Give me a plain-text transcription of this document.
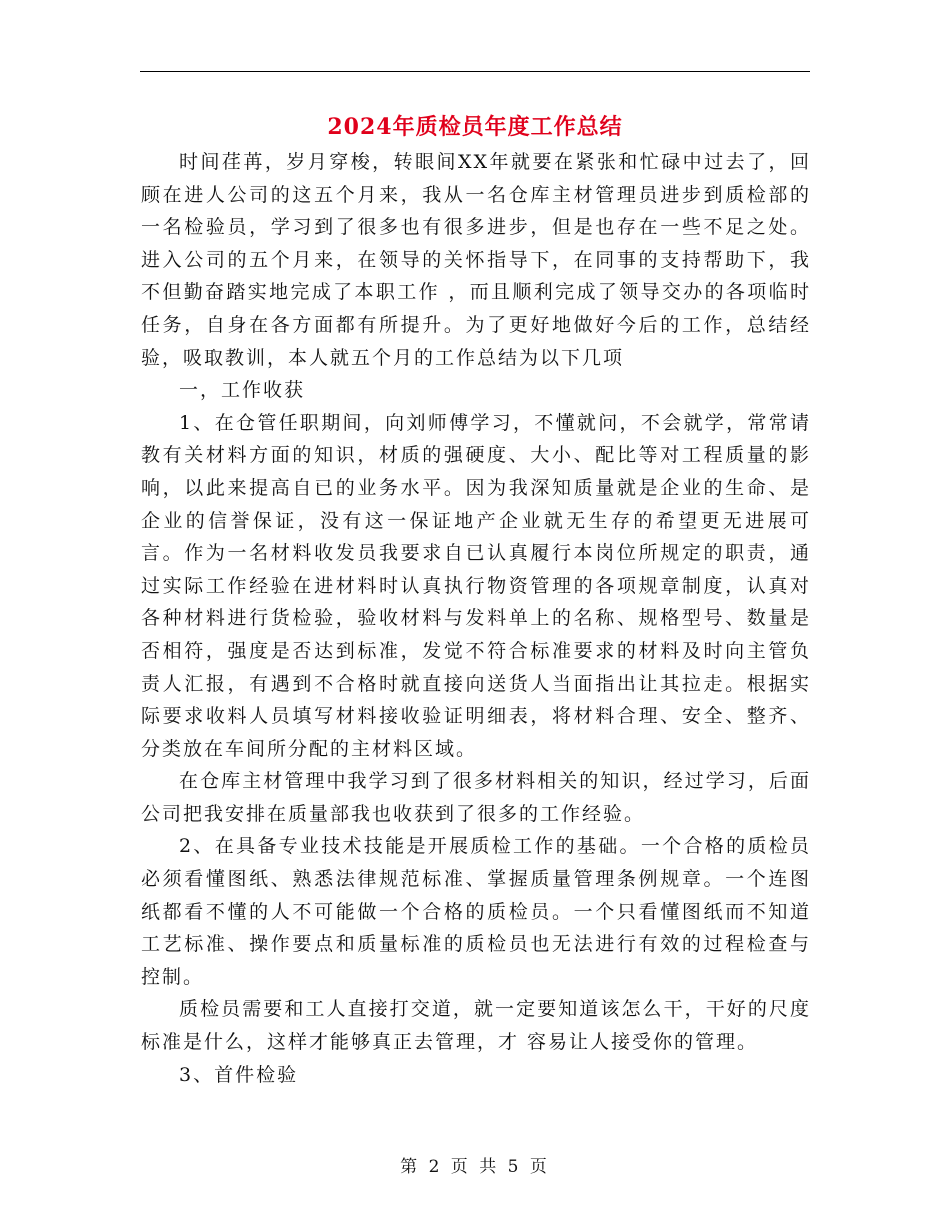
2024年质检员年度工作总结

时间荏苒，岁月穿梭，转眼间XX年就要在紧张和忙碌中过去了，回顾在进人公司的这五个月来，我从一名仓库主材管理员进步到质检部的一名检验员，学习到了很多也有很多进步，但是也存在一些不足之处。进入公司的五个月来，在领导的关怀指导下，在同事的支持帮助下，我不但勤奋踏实地完成了本职工作 ，而且顺利完成了领导交办的各项临时任务，自身在各方面都有所提升。为了更好地做好今后的工作，总结经验，吸取教训，本人就五个月的工作总结为以下几项

一，工作收获

1、在仓管任职期间，向刘师傅学习，不懂就问，不会就学，常常请教有关材料方面的知识，材质的强硬度、大小、配比等对工程质量的影响，以此来提高自已的业务水平。因为我深知质量就是企业的生命、是企业的信誉保证，没有这一保证地产企业就无生存的希望更无进展可言。作为一名材料收发员我要求自已认真履行本岗位所规定的职责，通过实际工作经验在进材料时认真执行物资管理的各项规章制度，认真对各种材料进行货检验，验收材料与发料单上的名称、规格型号、数量是否相符，强度是否达到标准，发觉不符合标准要求的材料及时向主管负责人汇报，有遇到不合格时就直接向送货人当面指出让其拉走。根据实际要求收料人员填写材料接收验证明细表，将材料合理、安全、整齐、分类放在车间所分配的主材料区域。

在仓库主材管理中我学习到了很多材料相关的知识，经过学习，后面公司把我安排在质量部我也收获到了很多的工作经验。

2、在具备专业技术技能是开展质检工作的基础。一个合格的质检员必须看懂图纸、熟悉法律规范标准、掌握质量管理条例规章。一个连图纸都看不懂的人不可能做一个合格的质检员。一个只看懂图纸而不知道工艺标准、操作要点和质量标准的质检员也无法进行有效的过程检查与控制。

质检员需要和工人直接打交道，就一定要知道该怎么干，干好的尺度标准是什么，这样才能够真正去管理，才 容易让人接受你的管理。

3、首件检验

第 2 页 共 5 页
